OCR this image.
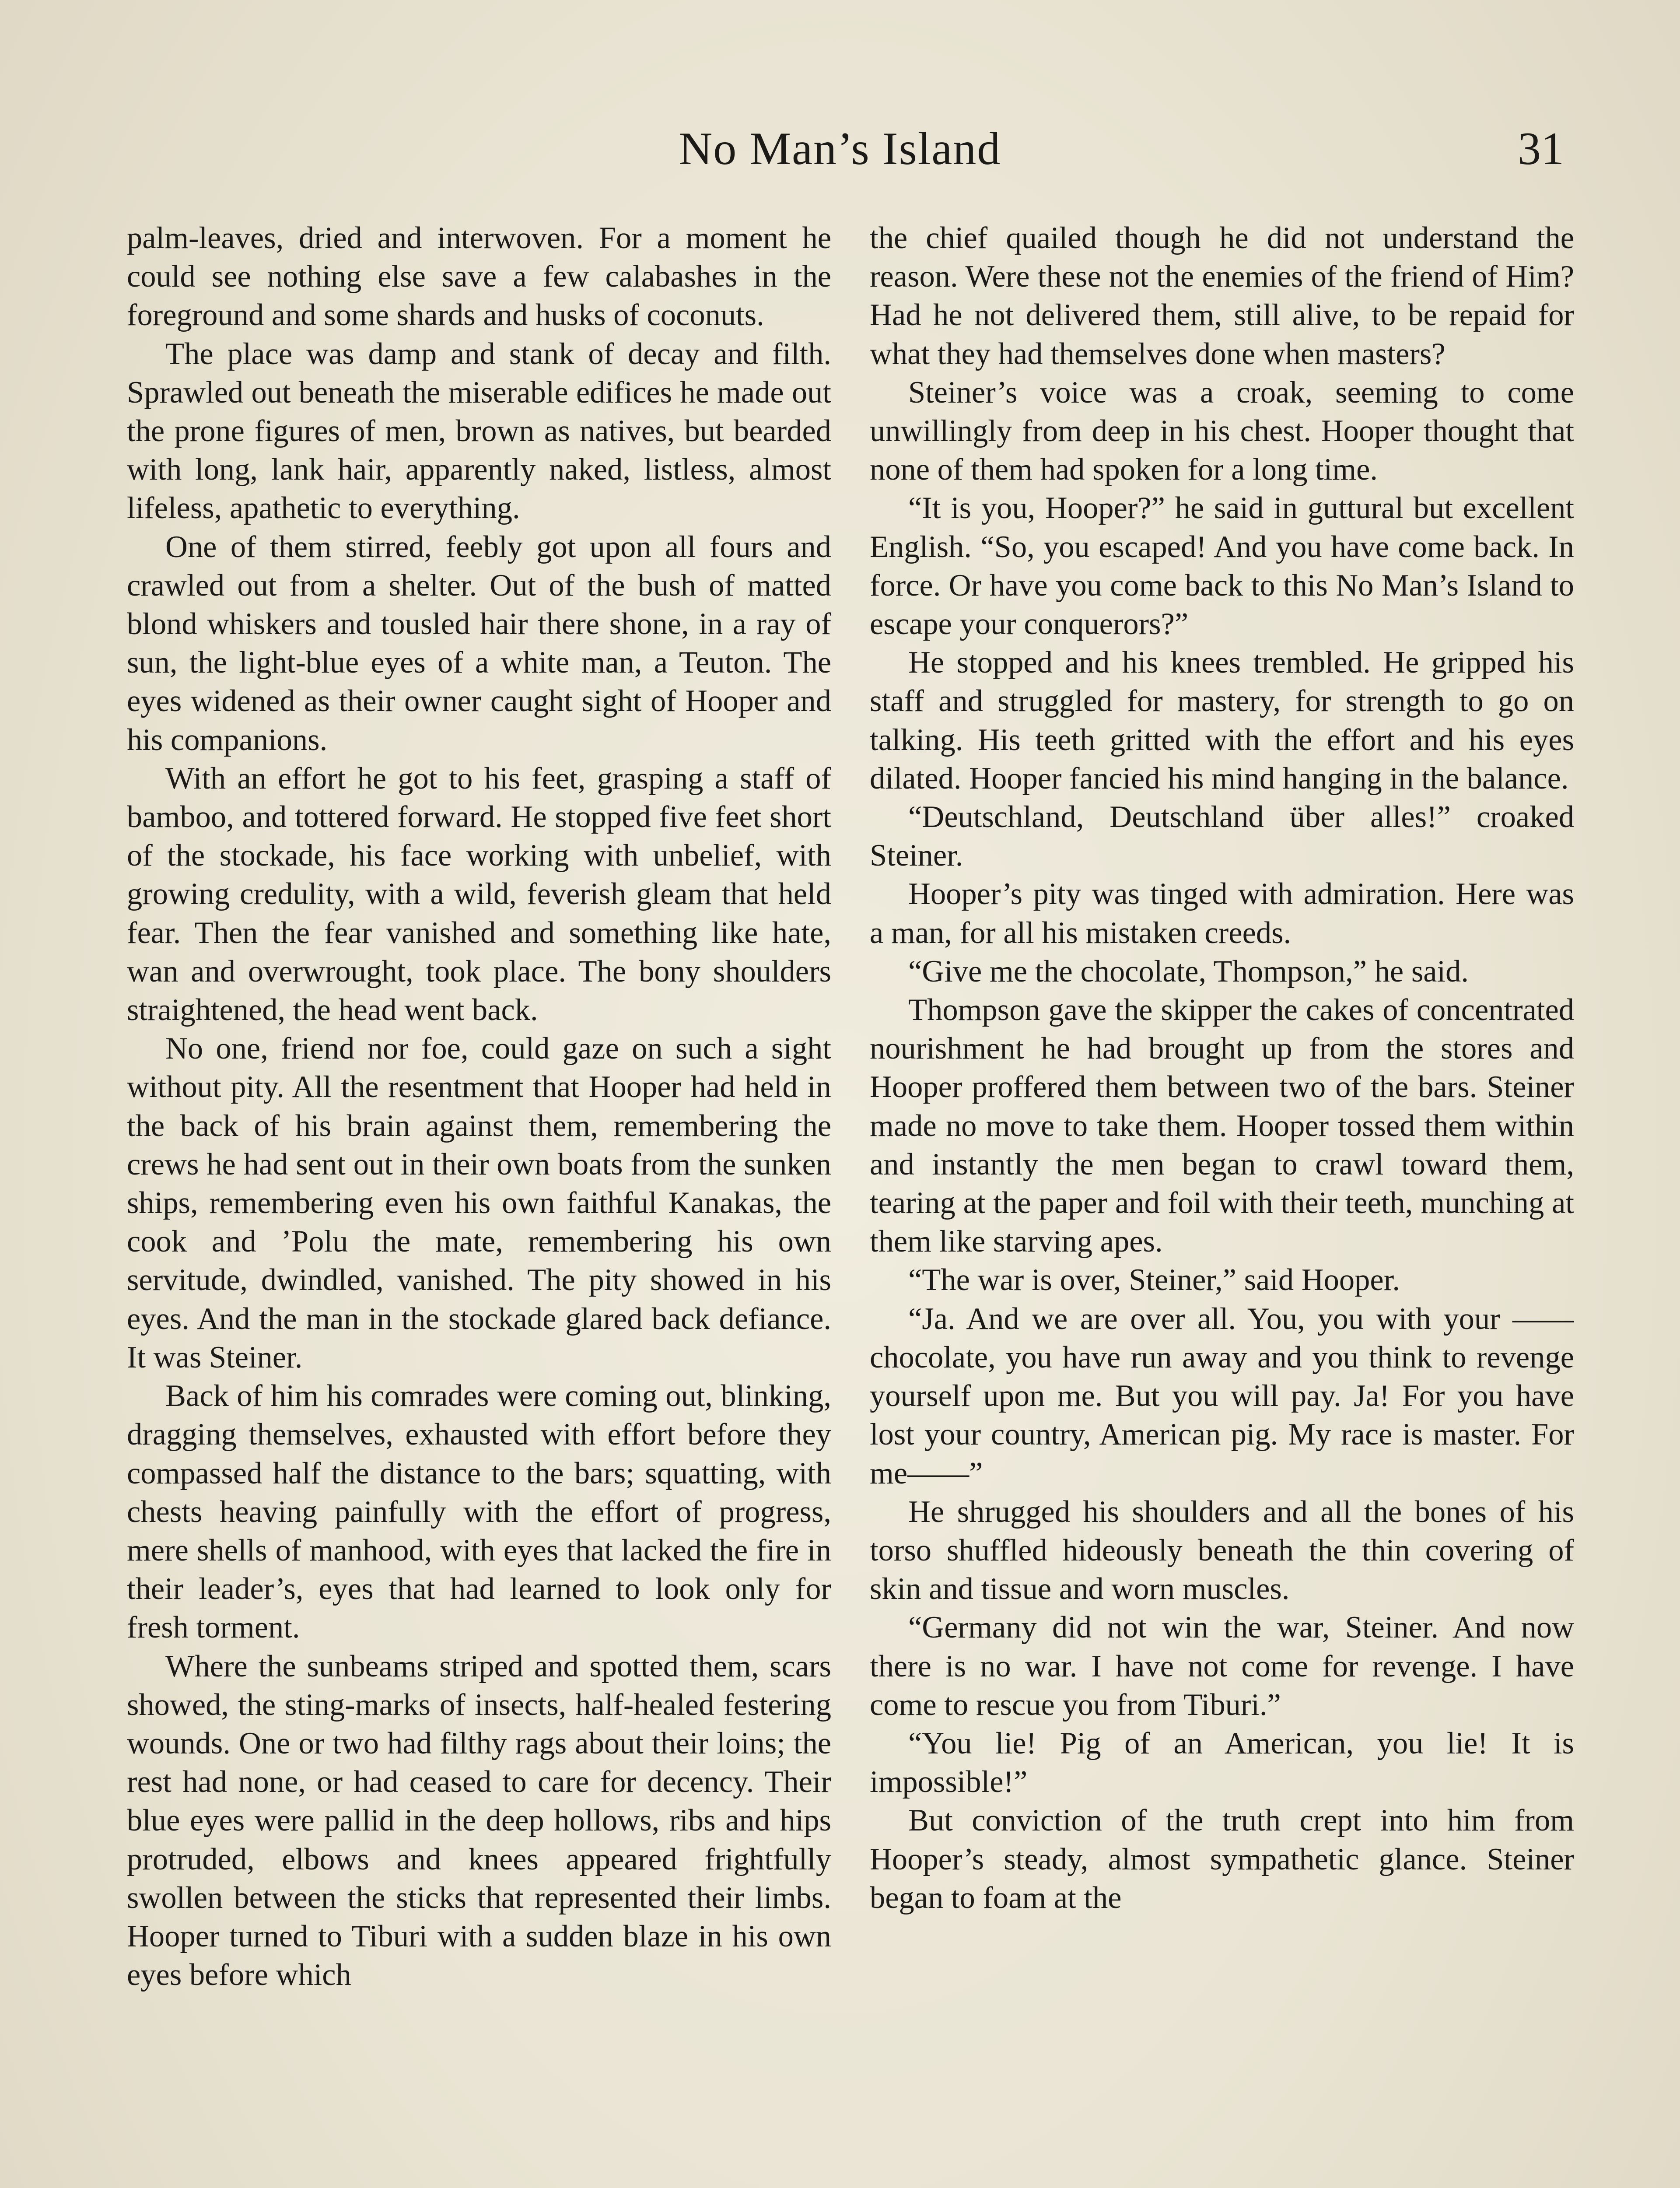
No Man’s Island	31

palm-leaves, dried and interwoven. For a moment he could see nothing else save a few calabashes in the foreground and some shards and husks of coconuts.

The place was damp and stank of decay and filth. Sprawled out beneath the miserable edifices he made out the prone figures of men, brown as natives, but bearded with long, lank hair, apparently naked, listless, almost lifeless, apathetic to everything.

One of them stirred, feebly got upon all fours and crawled out from a shelter. Out of the bush of matted blond whiskers and tousled hair there shone, in a ray of sun, the light-blue eyes of a white man, a Teuton. The eyes widened as their owner caught sight of Hooper and his companions.

With an effort he got to his feet, grasping a staff of bamboo, and tottered forward. He stopped five feet short of the stockade, his face working with unbelief, with growing credulity, with a wild, feverish gleam that held fear. Then the fear vanished and something like hate, wan and overwrought, took place. The bony shoulders straightened, the head went back.

No one, friend nor foe, could gaze on such a sight without pity. All the resentment that Hooper had held in the back of his brain against them, remembering the crews he had sent out in their own boats from the sunken ships, remembering even his own faithful Kanakas, the cook and ’Polu the mate, remembering his own servitude, dwindled, vanished. The pity showed in his eyes. And the man in the stockade glared back defiance. It was Steiner.

Back of him his comrades were coming out, blinking, dragging themselves, exhausted with effort before they compassed half the distance to the bars; squatting, with chests heaving painfully with the effort of progress, mere shells of manhood, with eyes that lacked the fire in their leader’s, eyes that had learned to look only for fresh torment.

Where the sunbeams striped and spotted them, scars showed, the sting-marks of insects, half-healed festering wounds. One or two had filthy rags about their loins; the rest had none, or had ceased to care for decency. Their blue eyes were pallid in the deep hollows, ribs and hips protruded, elbows and knees appeared frightfully swollen between the sticks that represented their limbs. Hooper turned to Tiburi with a sudden blaze in his own eyes before which

the chief quailed though he did not understand the reason. Were these not the enemies of the friend of Him? Had he not delivered them, still alive, to be repaid for what they had themselves done when masters?

Steiner’s voice was a croak, seeming to come unwillingly from deep in his chest. Hooper thought that none of them had spoken for a long time.

“It is you, Hooper?” he said in guttural but excellent English. “So, you escaped! And you have come back. In force. Or have you come back to this No Man’s Island to escape your conquerors?”

He stopped and his knees trembled. He gripped his staff and struggled for mastery, for strength to go on talking. His teeth gritted with the effort and his eyes dilated. Hooper fancied his mind hanging in the balance.

“Deutschland, Deutschland über alles!” croaked Steiner.

Hooper’s pity was tinged with admiration. Here was a man, for all his mistaken creeds.

“Give me the chocolate, Thompson,” he said.

Thompson gave the skipper the cakes of concentrated nourishment he had brought up from the stores and Hooper proffered them between two of the bars. Steiner made no move to take them. Hooper tossed them within and instantly the men began to crawl toward them, tearing at the paper and foil with their teeth, munching at them like starving apes.

“The war is over, Steiner,” said Hooper.

“Ja. And we are over all. You, you with your —— chocolate, you have run away and you think to revenge yourself upon me. But you will pay. Ja! For you have lost your country, American pig. My race is master. For me——”

He shrugged his shoulders and all the bones of his torso shuffled hideously beneath the thin covering of skin and tissue and worn muscles.

“Germany did not win the war, Steiner. And now there is no war. I have not come for revenge. I have come to rescue you from Tiburi.”

“You lie! Pig of an American, you lie! It is impossible!”

But conviction of the truth crept into him from Hooper’s steady, almost sympathetic glance. Steiner began to foam at the
